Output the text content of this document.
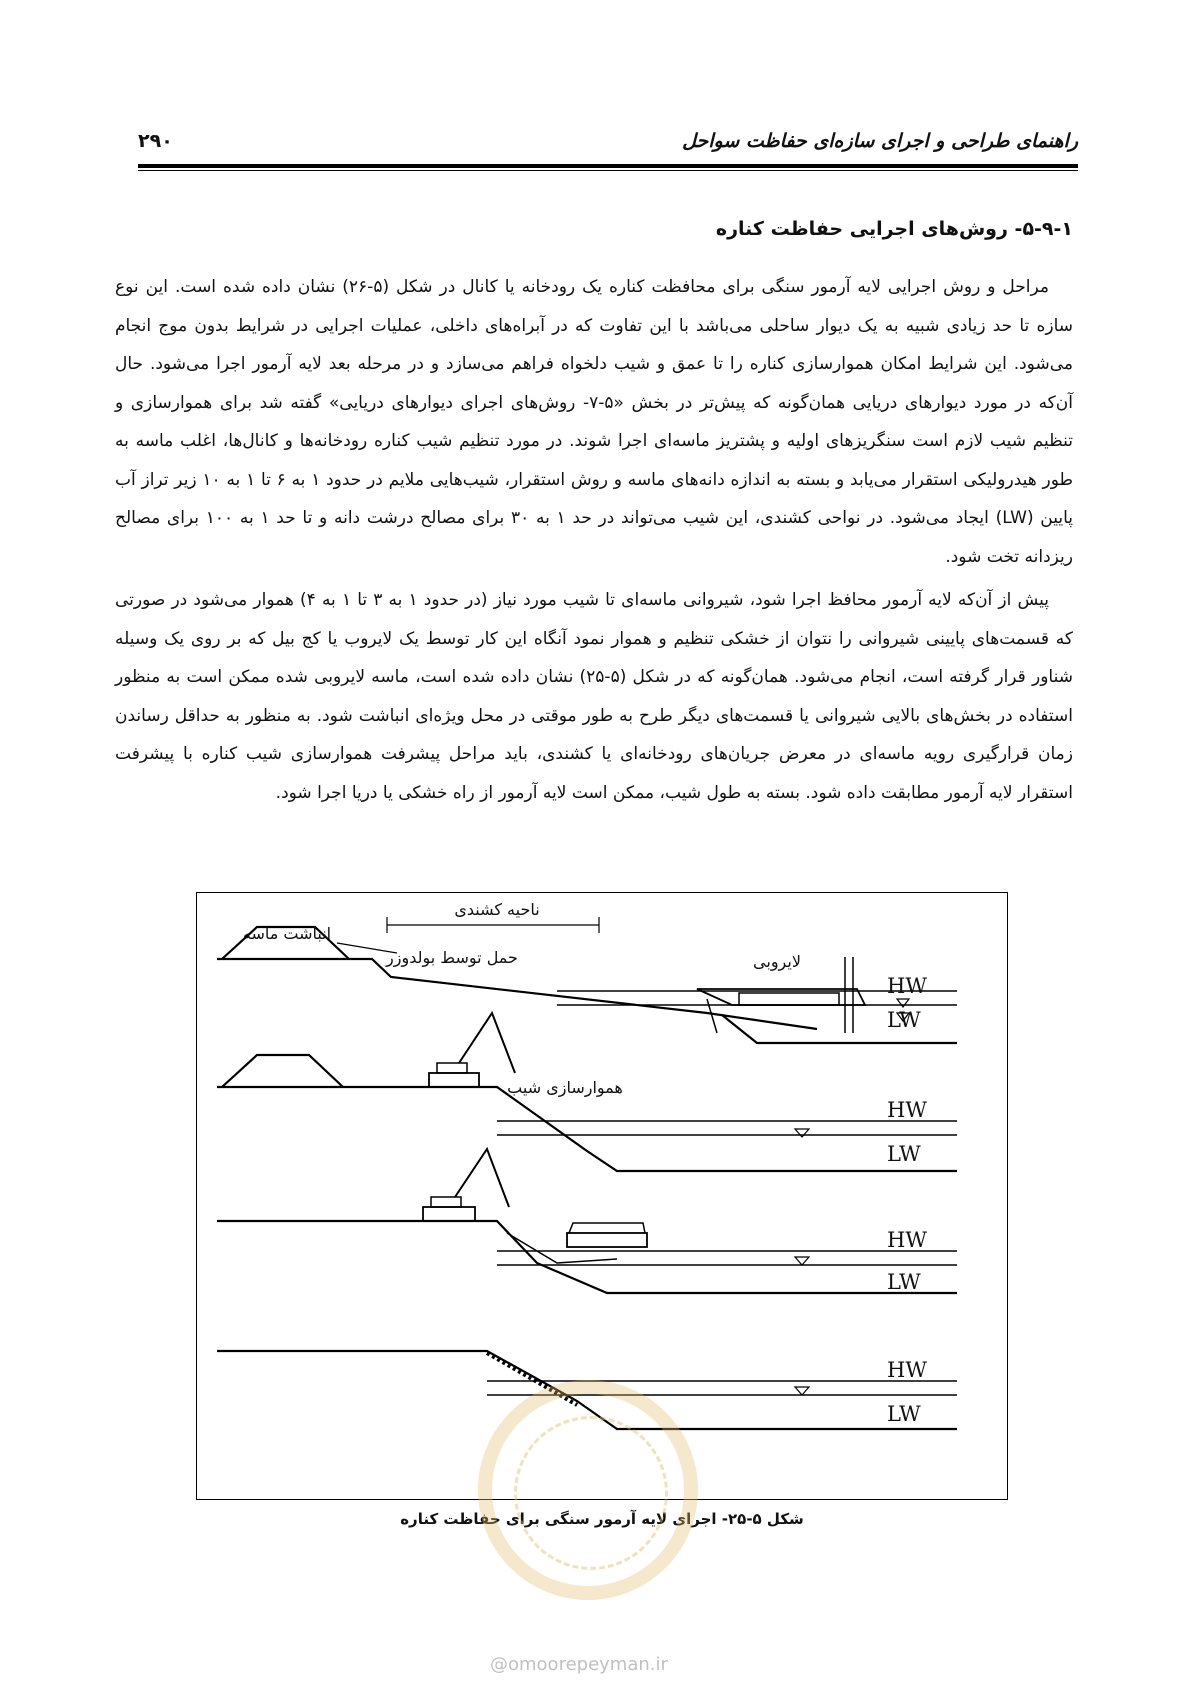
راهنمای طراحی و اجرای سازه‌ای حفاظت سواحل
۲۹۰
۵-۹-۱- روش‌های اجرایی حفاظت کناره

مراحل و روش اجرایی لایه آرمور سنگی برای محافظت کناره یک رودخانه یا کانال در شکل (۵-۲۶) نشان داده شده است. این نوع سازه تا حد زیادی شبیه به یک دیوار ساحلی می‌باشد با این تفاوت که در آبراه‌های داخلی، عملیات اجرایی در شرایط بدون موج انجام می‌شود. این شرایط امکان هموارسازی کناره را تا عمق و شیب دلخواه فراهم می‌سازد و در مرحله بعد لایه آرمور اجرا می‌شود. حال آن‌که در مورد دیوارهای دریایی همان‌گونه که پیش‌تر در بخش «۵-۷- روش‌های اجرای دیوارهای دریایی» گفته شد برای هموارسازی و تنظیم شیب لازم است سنگریزهای اولیه و پشتریز ماسه‌ای اجرا شوند. در مورد تنظیم شیب کناره رودخانه‌ها و کانال‌ها، اغلب ماسه به طور هیدرولیکی استقرار می‌یابد و بسته به اندازه دانه‌های ماسه و روش استقرار، شیب‌هایی ملایم در حدود ۱ به ۶ تا ۱ به ۱۰ زیر تراز آب پایین (LW) ایجاد می‌شود. در نواحی کشندی، این شیب می‌تواند در حد ۱ به ۳۰ برای مصالح درشت دانه و تا حد ۱ به ۱۰۰ برای مصالح ریزدانه تخت شود.

پیش از آن‌که لایه آرمور محافظ اجرا شود، شیروانی ماسه‌ای تا شیب مورد نیاز (در حدود ۱ به ۳ تا ۱ به ۴) هموار می‌شود در صورتی که قسمت‌های پایینی شیروانی را نتوان از خشکی تنظیم و هموار نمود آنگاه این کار توسط یک لایروب یا کج بیل که بر روی یک وسیله شناور قرار گرفته است، انجام می‌شود. همان‌گونه که در شکل (۵-۲۵) نشان داده شده است، ماسه لایروبی شده ممکن است به منظور استفاده در بخش‌های بالایی شیروانی یا قسمت‌های دیگر طرح به طور موقتی در محل ویژه‌ای انباشت شود. به منظور به حداقل رساندن زمان قرارگیری رویه ماسه‌ای در معرض جریان‌های رودخانه‌ای یا کشندی، باید مراحل پیشرفت هموارسازی شیب کناره با پیشرفت استقرار لایه آرمور مطابقت داده شود. بسته به طول شیب، ممکن است لایه آرمور از راه خشکی یا دریا اجرا شود.

ناحیه کشندی
انباشت ماسه
حمل توسط بولدوزر	لایروبی
هموارسازی شیب
HW
LW
HW
LW
HW
LW
HW
LW
شکل ۵-۲۵- اجرای لایه آرمور سنگی برای حفاظت کناره
@omoorepeyman.ir
